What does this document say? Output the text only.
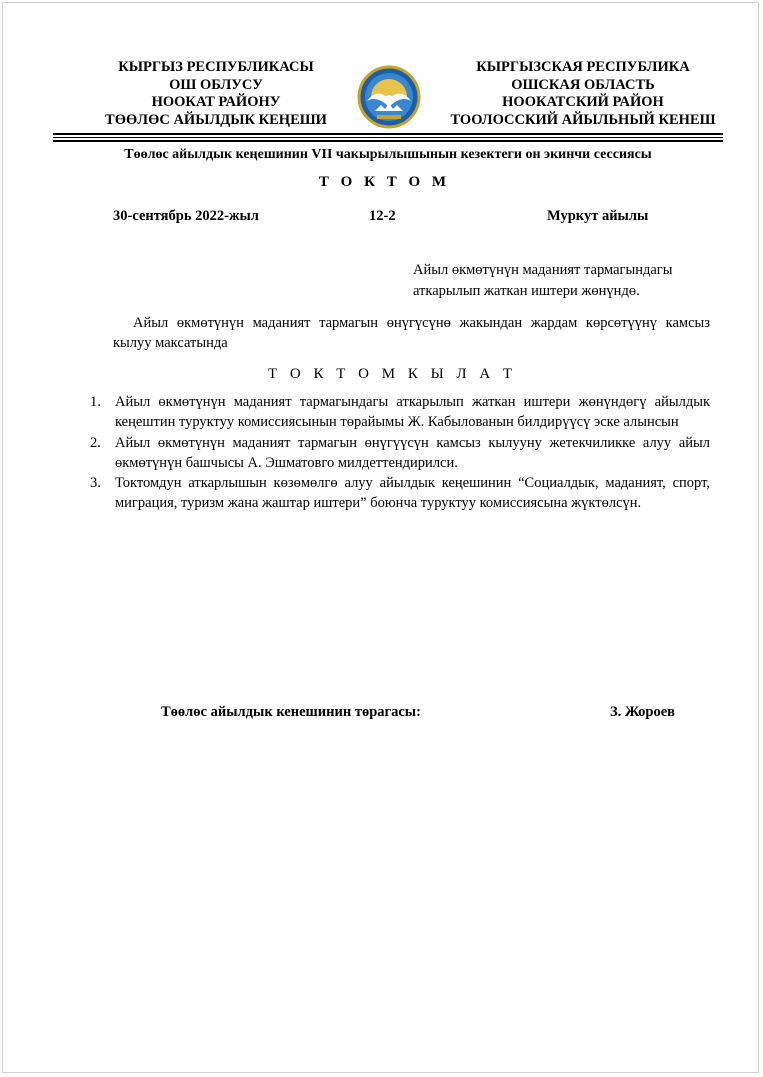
КЫРГЫЗ РЕСПУБЛИКАСЫ
ОШ ОБЛУСУ
НООКАТ РАЙОНУ
ТӨӨЛӨС АЙЫЛДЫК КЕҢЕШИ
КЫРГЫЗСКАЯ РЕСПУБЛИКА
ОШСКАЯ ОБЛАСТЬ
НООКАТСКИЙ РАЙОН
ТООЛОССКИЙ АЙЫЛЬНЫЙ КЕНЕШ
Төөлөс айылдык кеңешинин VII чакырылышынын кезектеги он экинчи сессиясы
Т О К Т О М
30-сентябрь 2022-жыл	12-2	Муркут айылы
Айыл өкмөтүнүн маданият тармагындагы
аткарылып жаткан иштери жөнүндө.
Айыл өкмөтүнүн маданият тармагын өнүгүсүнө жакындан жардам көрсөтүүнү камсыз кылуу максатында
Т О К Т О М К Ы Л А Т
1. Айыл өкмөтүнүн маданият тармагындагы аткарылып жаткан иштери жөнүндөгү айылдык кеңештин туруктуу комиссиясынын төрайымы Ж. Кабылованын билдирүүсү эске алынсын
2. Айыл өкмөтүнүн маданият тармагын өнүгүүсүн камсыз кылууну жетекчиликке алуу айыл өкмөтүнүн башчысы А. Эшматовго милдеттендирилси.
3. Токтомдун аткарлышын көзөмөлгө алуу айылдык кеңешинин “Социалдык, маданият, спорт, миграция, туризм жана жаштар иштери” боюнча туруктуу комиссиясына жүктөлсүн.
Төөлөс айылдык кенешинин төрагасы:	З. Жороев
